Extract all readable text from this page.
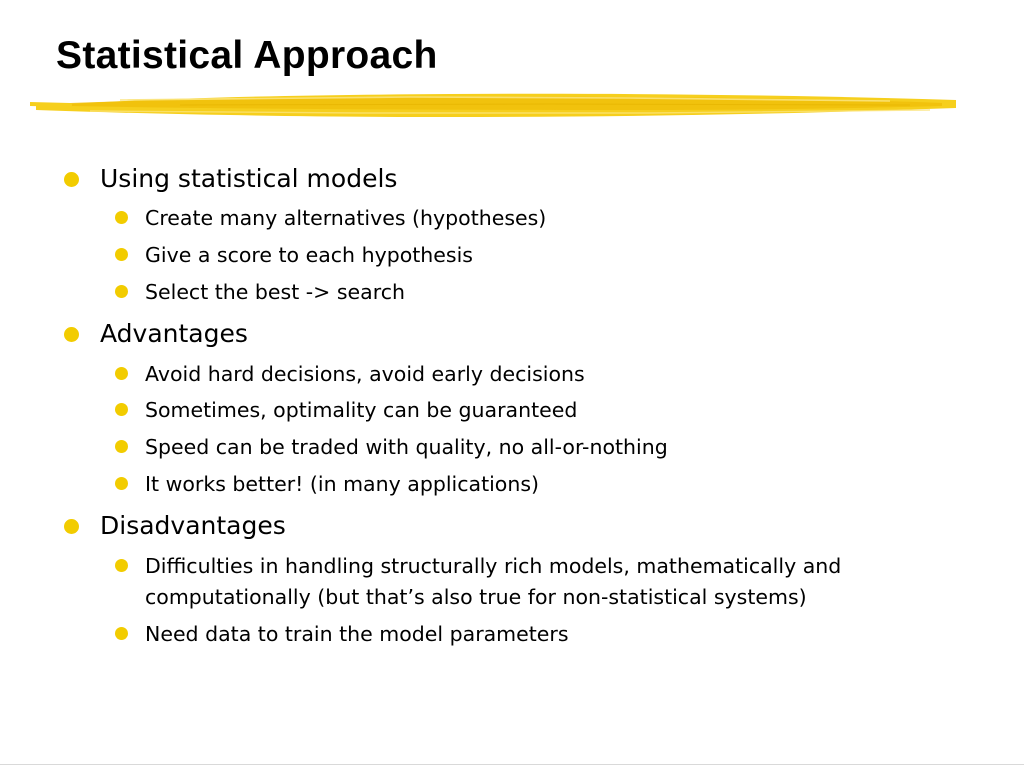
Statistical Approach
Using statistical models
Create many alternatives (hypotheses)
Give a score to each hypothesis
Select the best -> search
Advantages
Avoid hard decisions, avoid early decisions
Sometimes, optimality can be guaranteed
Speed can be traded with quality, no all-or-nothing
It works better! (in many applications)
Disadvantages
Difficulties in handling structurally rich models, mathematically and
computationally (but that’s also true for non-statistical systems)
Need data to train the model parameters
